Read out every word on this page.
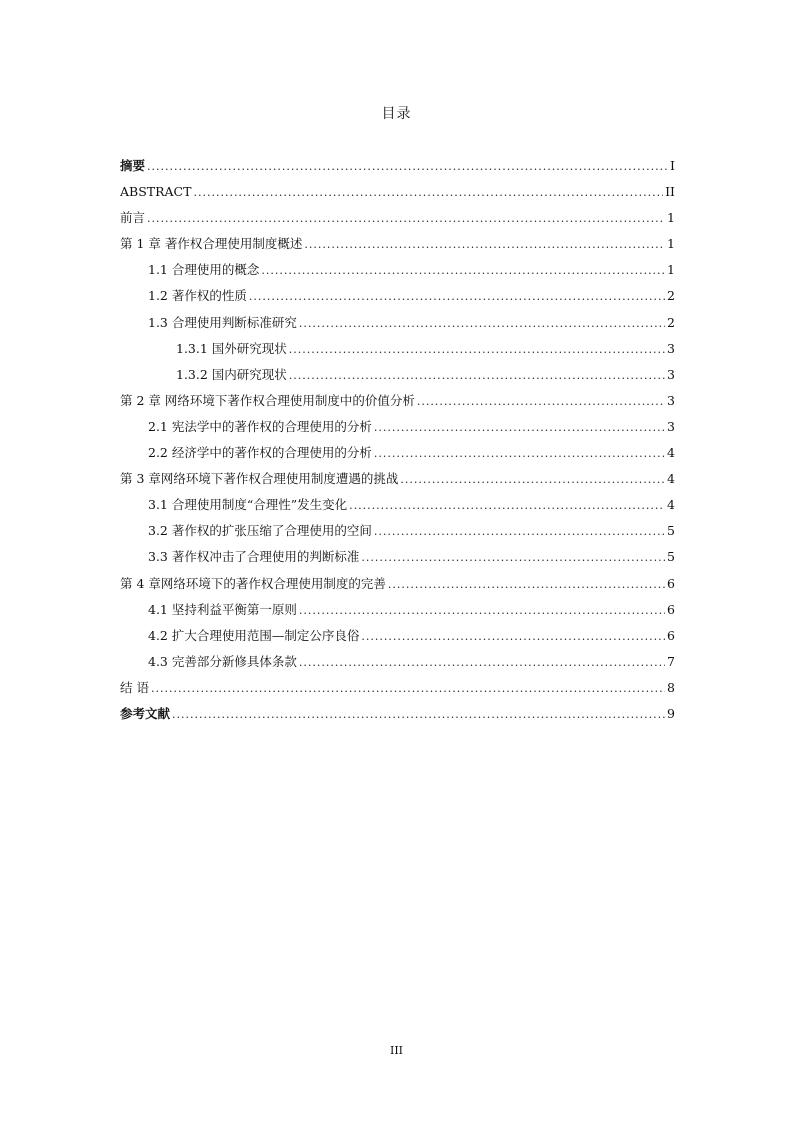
目录
摘要 .....	I
ABSTRACT .....	II
前言 .....	1
第 1 章 著作权合理使用制度概述 .....	1
1.1 合理使用的概念 .....	1
1.2 著作权的性质 .....	2
1.3 合理使用判断标准研究 .....	2
1.3.1 国外研究现状 .....	3
1.3.2 国内研究现状 .....	3
第 2 章 网络环境下著作权合理使用制度中的价值分析 .....	3
2.1 宪法学中的著作权的合理使用的分析 .....	3
2.2 经济学中的著作权的合理使用的分析 .....	4
第 3 章网络环境下著作权合理使用制度遭遇的挑战 .....	4
3.1 合理使用制度“合理性”发生变化 .....	4
3.2 著作权的扩张压缩了合理使用的空间 .....	5
3.3 著作权冲击了合理使用的判断标准 .....	5
第 4 章网络环境下的著作权合理使用制度的完善 .....	6
4.1 坚持利益平衡第一原则 .....	6
4.2 扩大合理使用范围—制定公序良俗 .....	6
4.3 完善部分新修具体条款 .....	7
结 语 .....	8
参考文献 .....	9
III
